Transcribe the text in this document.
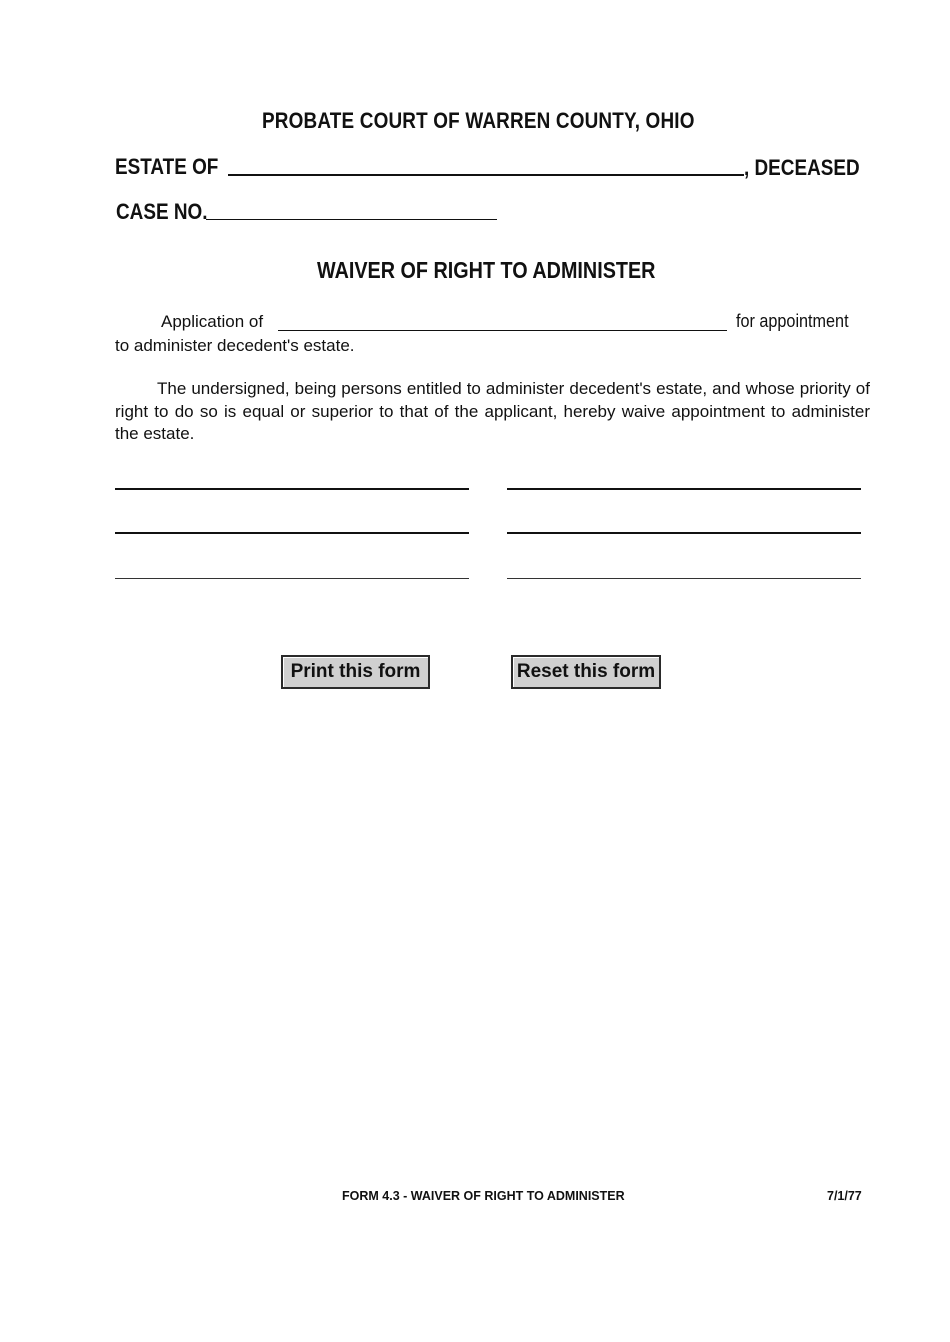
PROBATE COURT OF WARREN COUNTY, OHIO
ESTATE OF	, DECEASED
CASE NO.
WAIVER OF RIGHT TO ADMINISTER
Application of	for appointment
to administer decedent's estate.
The undersigned, being persons entitled to administer decedent's estate, and whose priority of right to do so is equal or superior to that of the applicant, hereby waive appointment to administer the estate.
Print this form	Reset this form
FORM 4.3 - WAIVER OF RIGHT TO ADMINISTER	7/1/77
